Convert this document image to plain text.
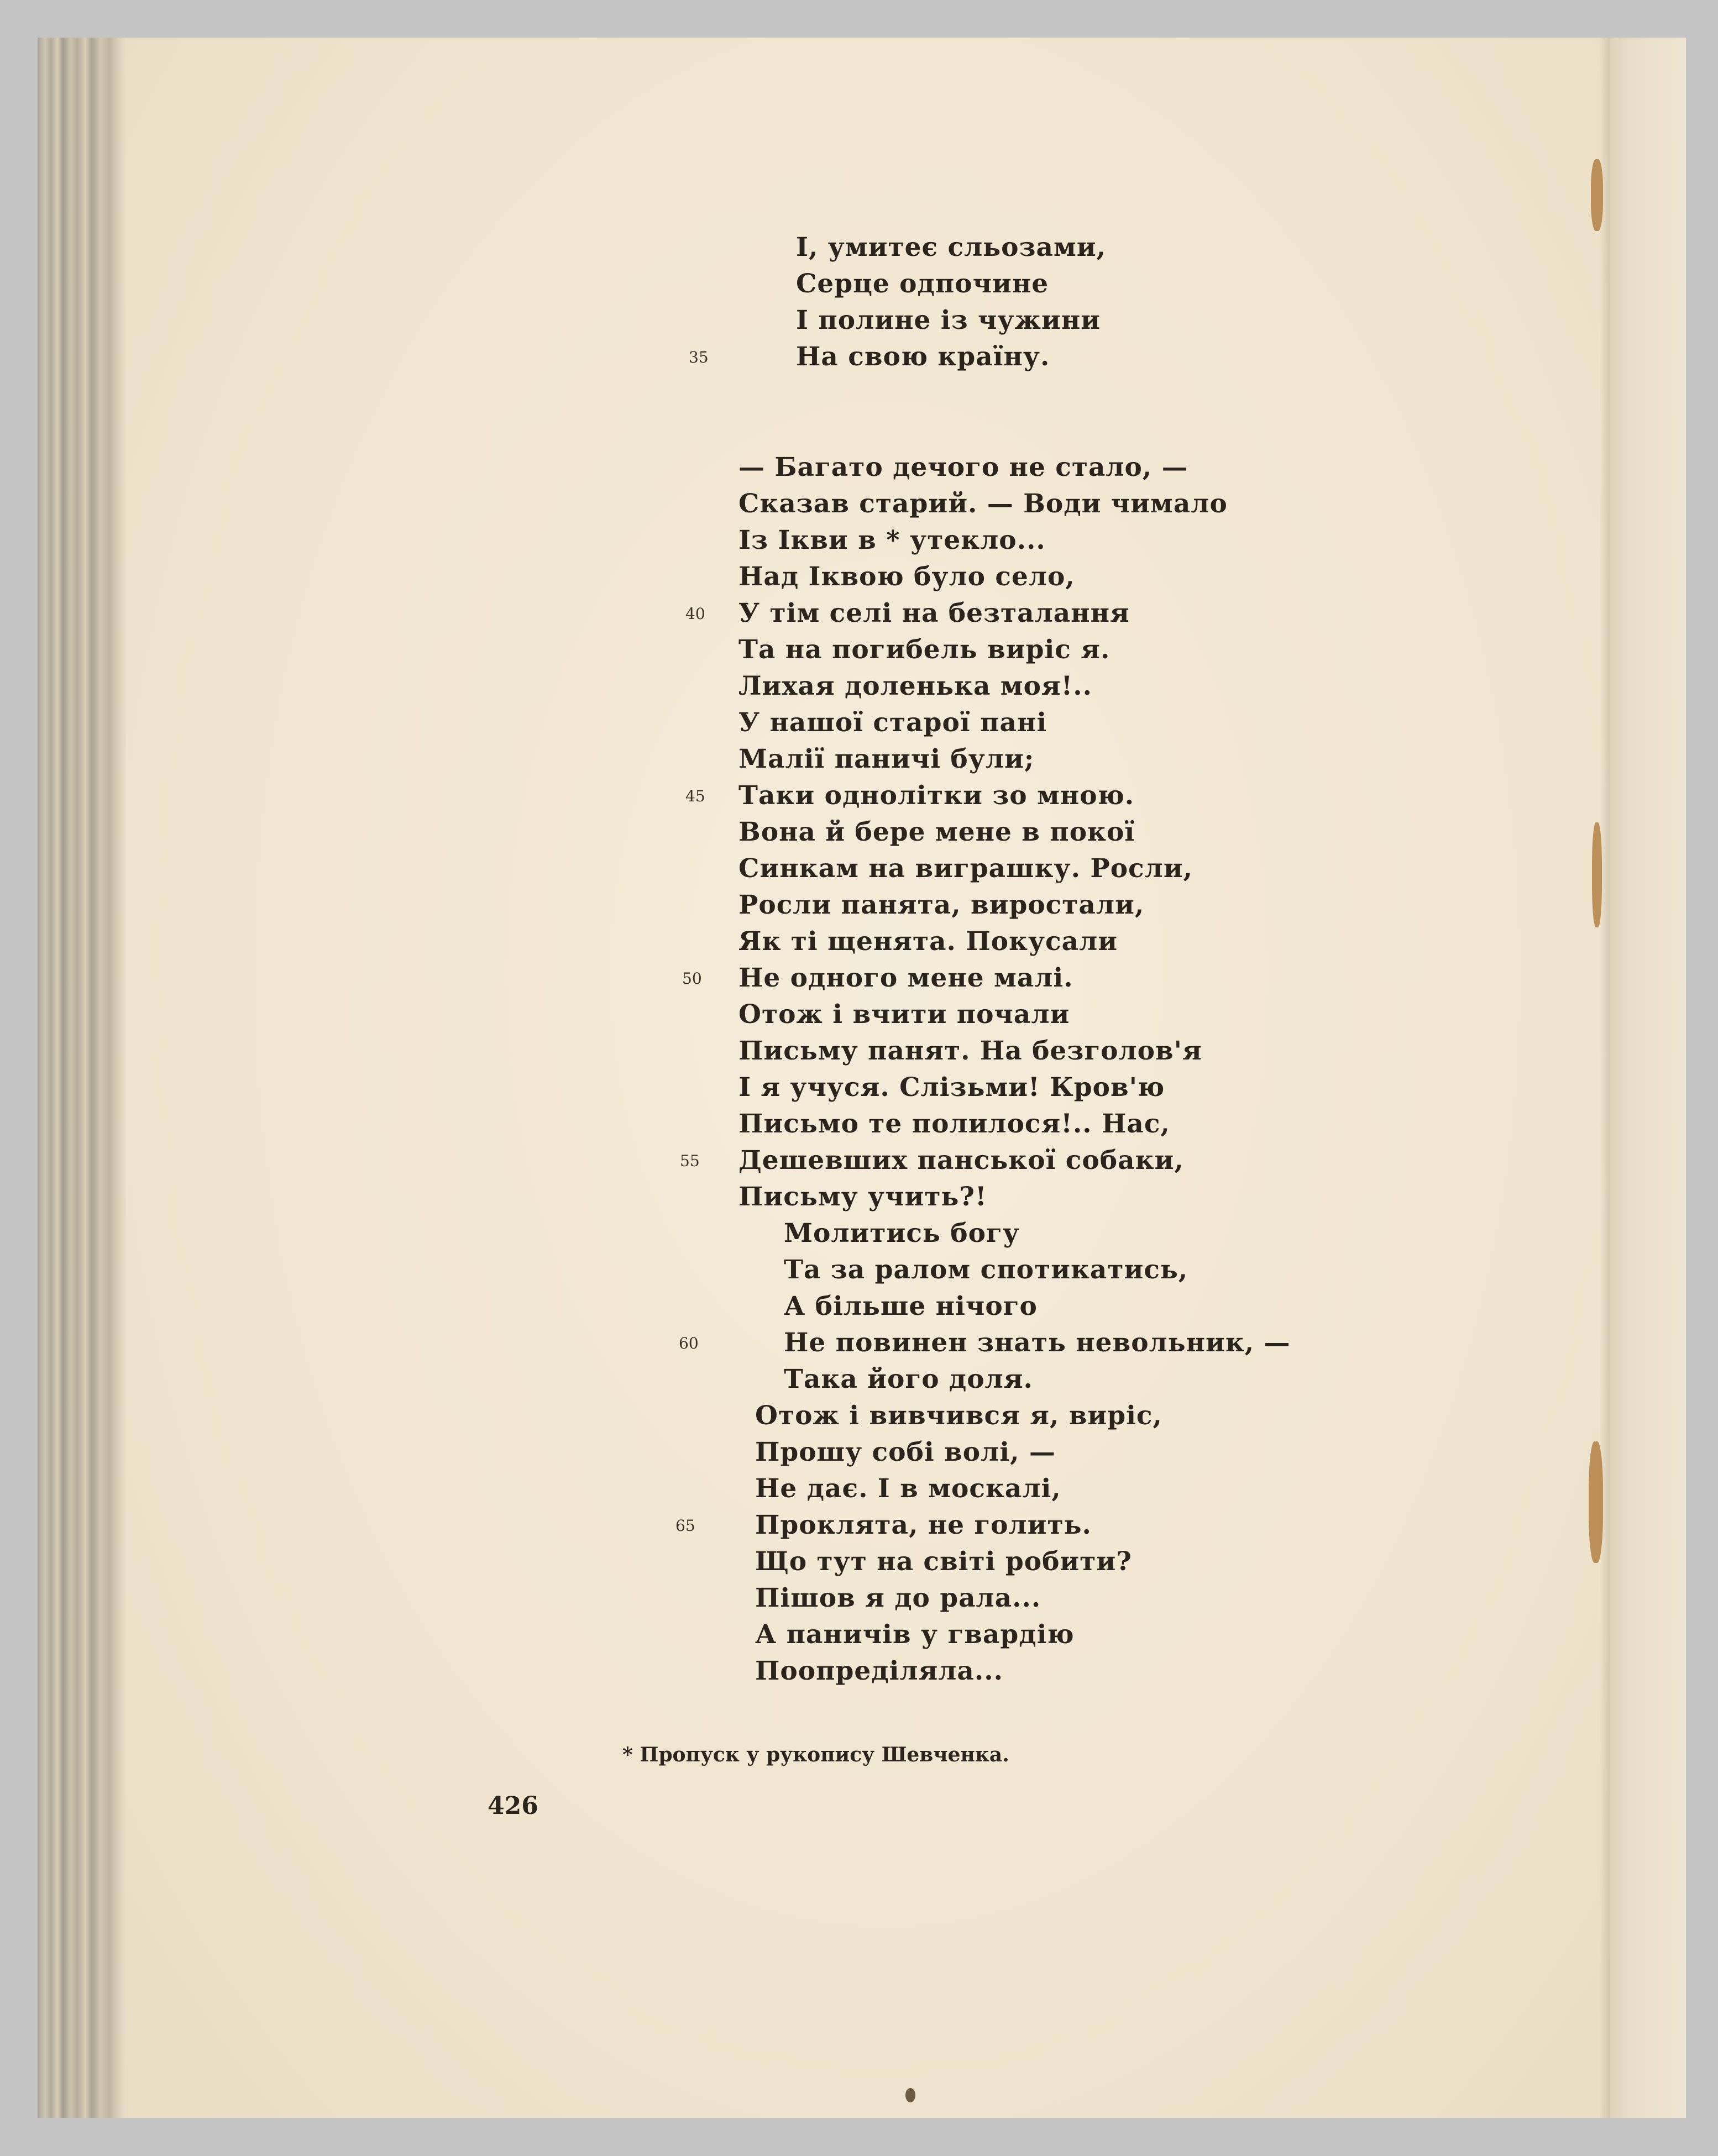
І, умитеє сльозами,
Серце одпочине
І полине із чужини
На свою країну.
— Багато дечого не стало, —
Сказав старий. — Води чимало
Із Ікви в * утекло...
Над Іквою було село,
У тім селі на безталання
Та на погибель виріс я.
Лихая доленька моя!..
У нашої старої пані
Малії паничі були;
Таки однолітки зо мною.
Вона й бере мене в покої
Синкам на виграшку. Росли,
Росли панята, виростали,
Як ті щенята. Покусали
Не одного мене малі.
Отож і вчити почали
Письму панят. На безголов'я
І я учуся. Слізьми! Кров'ю
Письмо те полилося!.. Нас,
Дешевших панської собаки,
Письму учить?!
Молитись богу
Та за ралом спотикатись,
А більше нічого
Не повинен знать невольник, —
Така його доля.
Отож і вивчився я, виріс,
Прошу собі волі, —
Не дає. І в москалі,
Проклята, не голить.
Що тут на світі робити?
Пішов я до рала...
А паничів у гвардію
Поопреділяла...
35
40
45
50
55
60
65
* Пропуск у рукопису Шевченка.
426
